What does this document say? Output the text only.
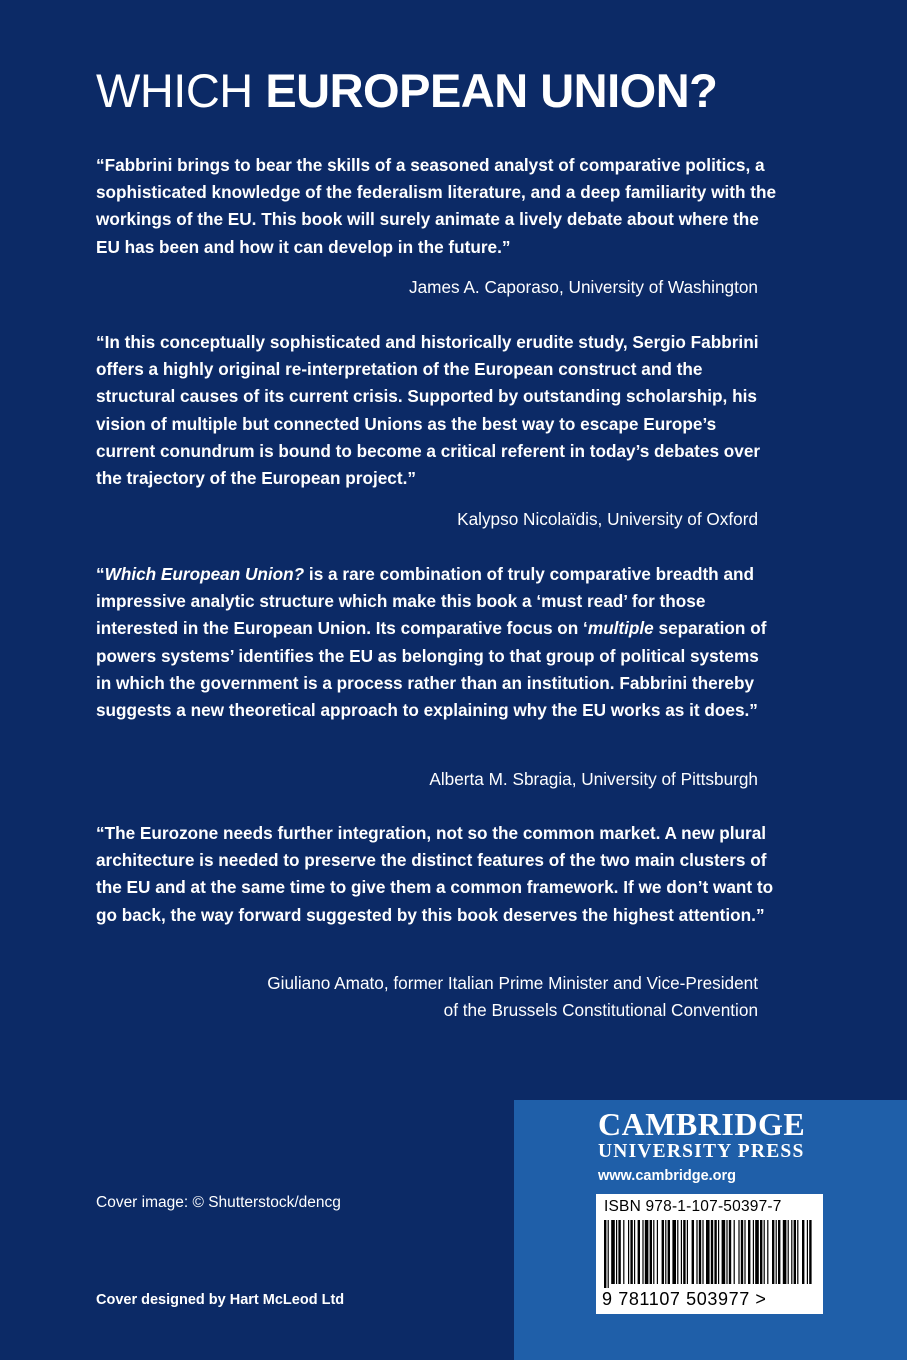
WHICH EUROPEAN UNION?

“Fabbrini brings to bear the skills of a seasoned analyst of comparative politics, a sophisticated knowledge of the federalism literature, and a deep familiarity with the workings of the EU. This book will surely animate a lively debate about where the EU has been and how it can develop in the future.”

James A. Caporaso, University of Washington

“In this conceptually sophisticated and historically erudite study, Sergio Fabbrini offers a highly original re-interpretation of the European construct and the structural causes of its current crisis. Supported by outstanding scholarship, his vision of multiple but connected Unions as the best way to escape Europe’s current conundrum is bound to become a critical referent in today’s debates over the trajectory of the European project.”

Kalypso Nicolaïdis, University of Oxford

“Which European Union? is a rare combination of truly comparative breadth and impressive analytic structure which make this book a ‘must read’ for those interested in the European Union. Its comparative focus on ‘multiple separation of powers systems’ identifies the EU as belonging to that group of political systems in which the government is a process rather than an institution. Fabbrini thereby suggests a new theoretical approach to explaining why the EU works as it does.”

Alberta M. Sbragia, University of Pittsburgh

“The Eurozone needs further integration, not so the common market. A new plural architecture is needed to preserve the distinct features of the two main clusters of the EU and at the same time to give them a common framework. If we don’t want to go back, the way forward suggested by this book deserves the highest attention.”

Giuliano Amato, former Italian Prime Minister and Vice-President
of the Brussels Constitutional Convention

Cover image: © Shutterstock/dencg
Cover designed by Hart McLeod Ltd
CAMBRIDGE
UNIVERSITY PRESS
www.cambridge.org
ISBN 978-1-107-50397-7
9 781107 503977 >
